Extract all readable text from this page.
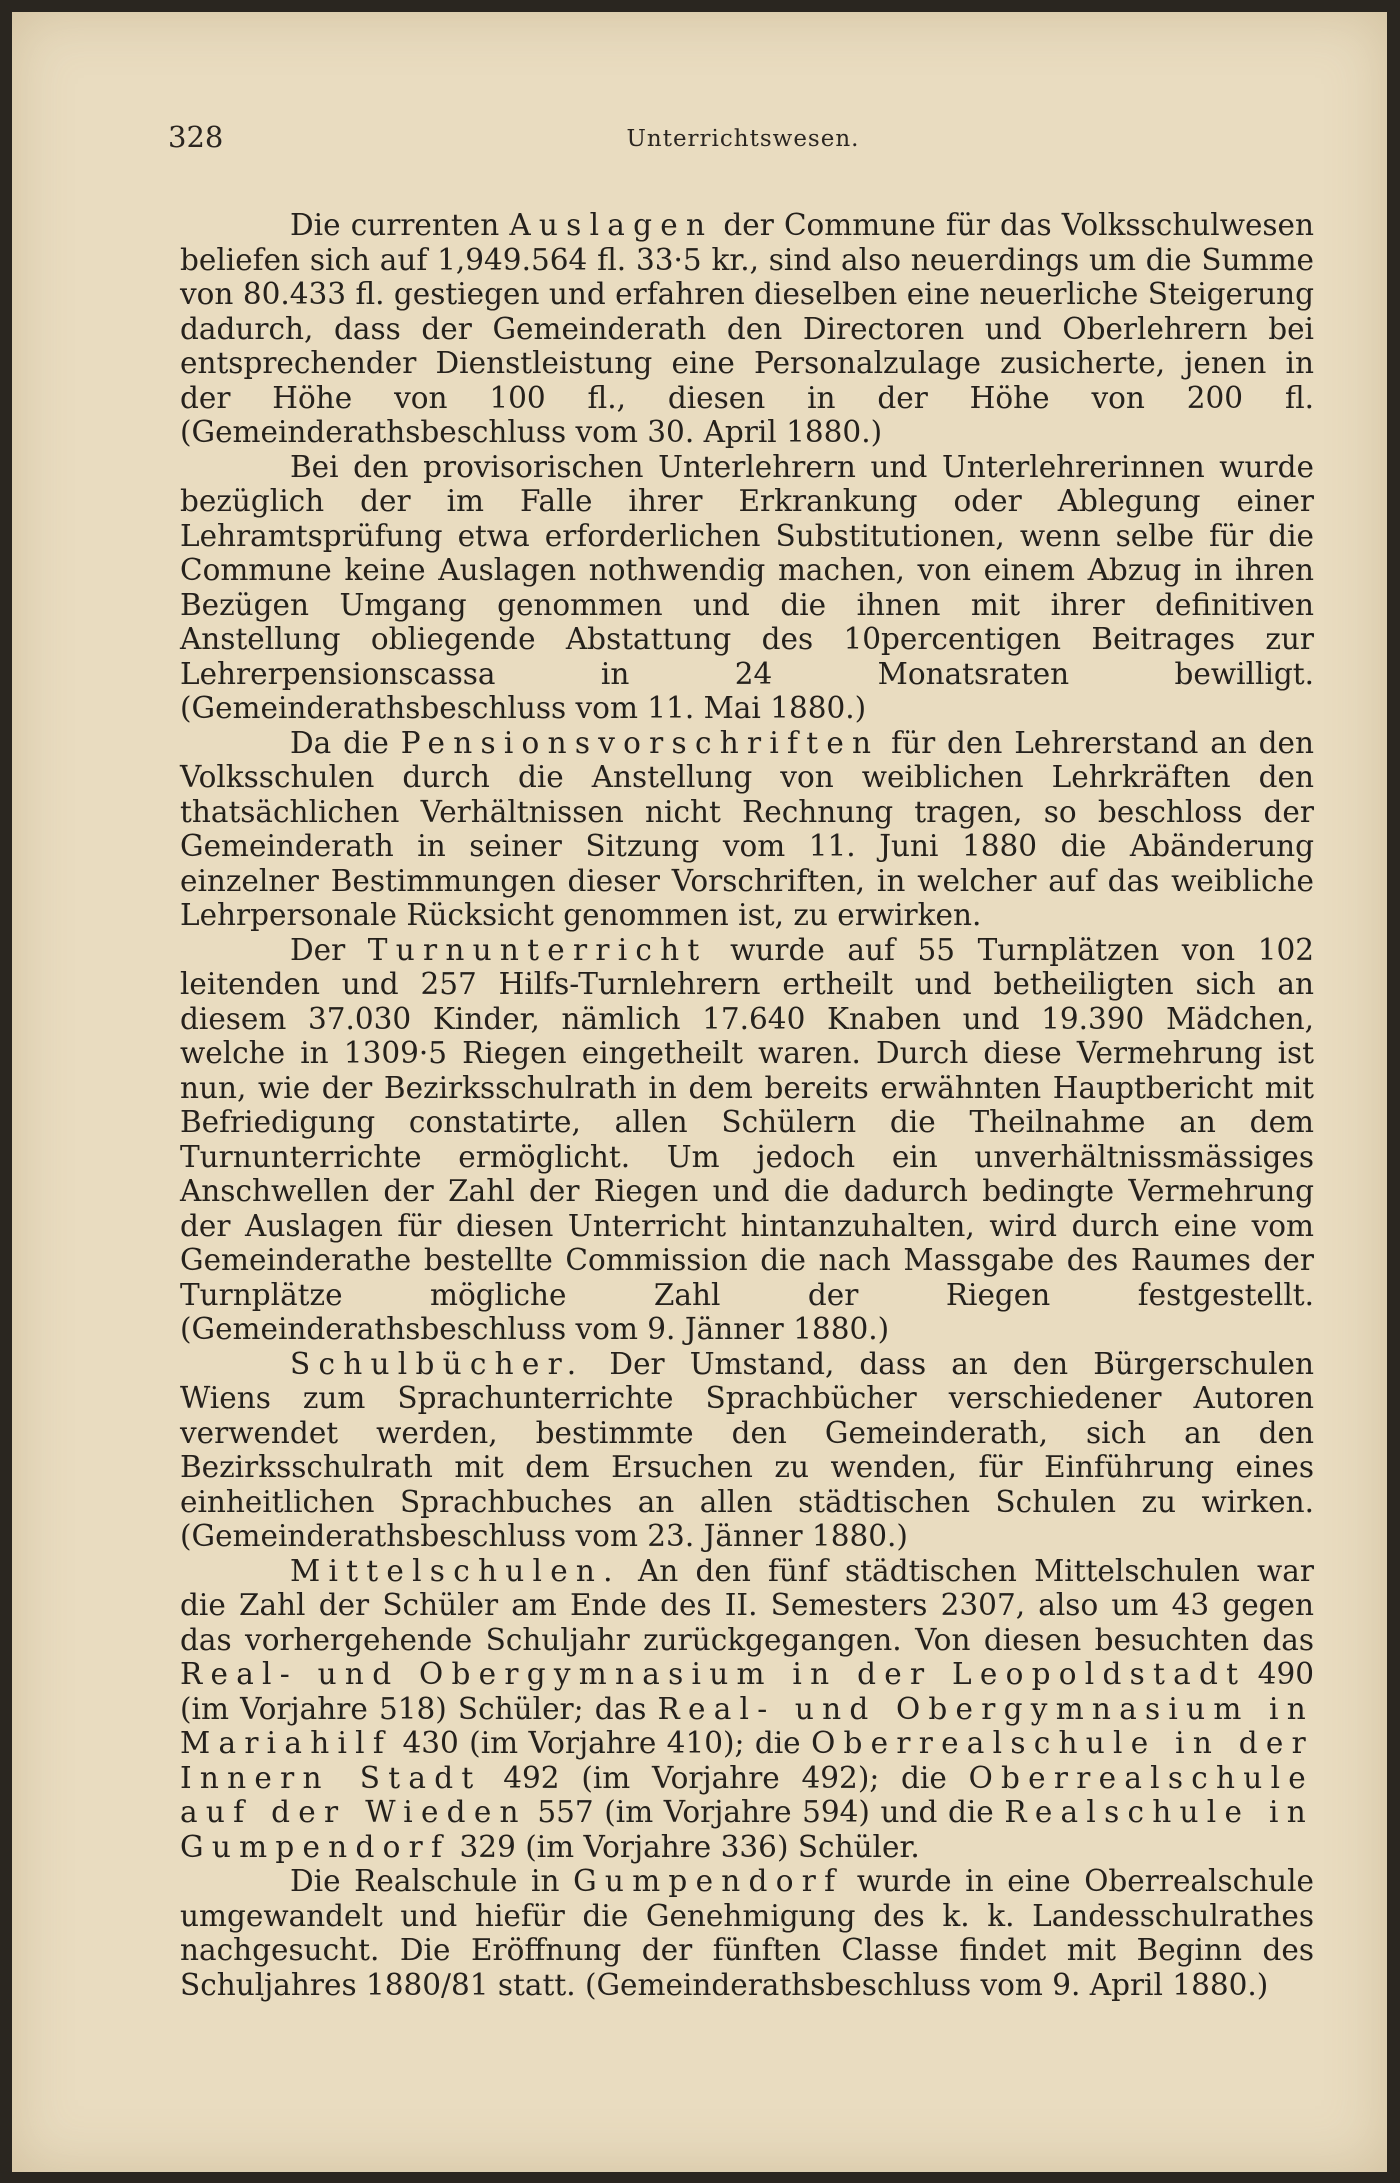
328	Unterrichtswesen.

Die currenten Auslagen der Commune für das Volksschulwesen beliefen sich auf 1,949.564 fl. 33·5 kr., sind also neuerdings um die Summe von 80.433 fl. gestiegen und erfahren dieselben eine neuerliche Steigerung dadurch, dass der Gemeinderath den Directoren und Oberlehrern bei entsprechender Dienstleistung eine Personalzulage zusicherte, jenen in der Höhe von 100 fl., diesen in der Höhe von 200 fl. (Gemeinderathsbeschluss vom 30. April 1880.)

Bei den provisorischen Unterlehrern und Unterlehrerinnen wurde bezüglich der im Falle ihrer Erkrankung oder Ablegung einer Lehramtsprüfung etwa erforderlichen Substitutionen, wenn selbe für die Commune keine Auslagen nothwendig machen, von einem Abzug in ihren Bezügen Umgang genommen und die ihnen mit ihrer definitiven Anstellung obliegende Abstattung des 10percentigen Beitrages zur Lehrerpensionscassa in 24 Monatsraten bewilligt. (Gemeinderathsbeschluss vom 11. Mai 1880.)

Da die Pensionsvorschriften für den Lehrerstand an den Volksschulen durch die Anstellung von weiblichen Lehrkräften den thatsächlichen Verhältnissen nicht Rechnung tragen, so beschloss der Gemeinderath in seiner Sitzung vom 11. Juni 1880 die Abänderung einzelner Bestimmungen dieser Vorschriften, in welcher auf das weibliche Lehrpersonale Rücksicht genommen ist, zu erwirken.

Der Turnunterricht wurde auf 55 Turnplätzen von 102 leitenden und 257 Hilfs-Turnlehrern ertheilt und betheiligten sich an diesem 37.030 Kinder, nämlich 17.640 Knaben und 19.390 Mädchen, welche in 1309·5 Riegen eingetheilt waren. Durch diese Vermehrung ist nun, wie der Bezirksschulrath in dem bereits erwähnten Hauptbericht mit Befriedigung constatirte, allen Schülern die Theilnahme an dem Turnunterrichte ermöglicht. Um jedoch ein unverhältnissmässiges Anschwellen der Zahl der Riegen und die dadurch bedingte Vermehrung der Auslagen für diesen Unterricht hintanzuhalten, wird durch eine vom Gemeinderathe bestellte Commission die nach Massgabe des Raumes der Turnplätze mögliche Zahl der Riegen festgestellt. (Gemeinderathsbeschluss vom 9. Jänner 1880.)

Schulbücher. Der Umstand, dass an den Bürgerschulen Wiens zum Sprachunterrichte Sprachbücher verschiedener Autoren verwendet werden, bestimmte den Gemeinderath, sich an den Bezirksschulrath mit dem Ersuchen zu wenden, für Einführung eines einheitlichen Sprachbuches an allen städtischen Schulen zu wirken. (Gemeinderathsbeschluss vom 23. Jänner 1880.)

Mittelschulen. An den fünf städtischen Mittelschulen war die Zahl der Schüler am Ende des II. Semesters 2307, also um 43 gegen das vorhergehende Schuljahr zurückgegangen. Von diesen besuchten das Real- und Obergymnasium in der Leopoldstadt 490 (im Vorjahre 518) Schüler; das Real- und Obergymnasium in Mariahilf 430 (im Vorjahre 410); die Oberrealschule in der Innern Stadt 492 (im Vorjahre 492); die Oberrealschule auf der Wieden 557 (im Vorjahre 594) und die Realschule in Gumpendorf 329 (im Vorjahre 336) Schüler.

Die Realschule in Gumpendorf wurde in eine Oberrealschule umgewandelt und hiefür die Genehmigung des k. k. Landesschulrathes nachgesucht. Die Eröffnung der fünften Classe findet mit Beginn des Schuljahres 1880/81 statt. (Gemeinderathsbeschluss vom 9. April 1880.)
